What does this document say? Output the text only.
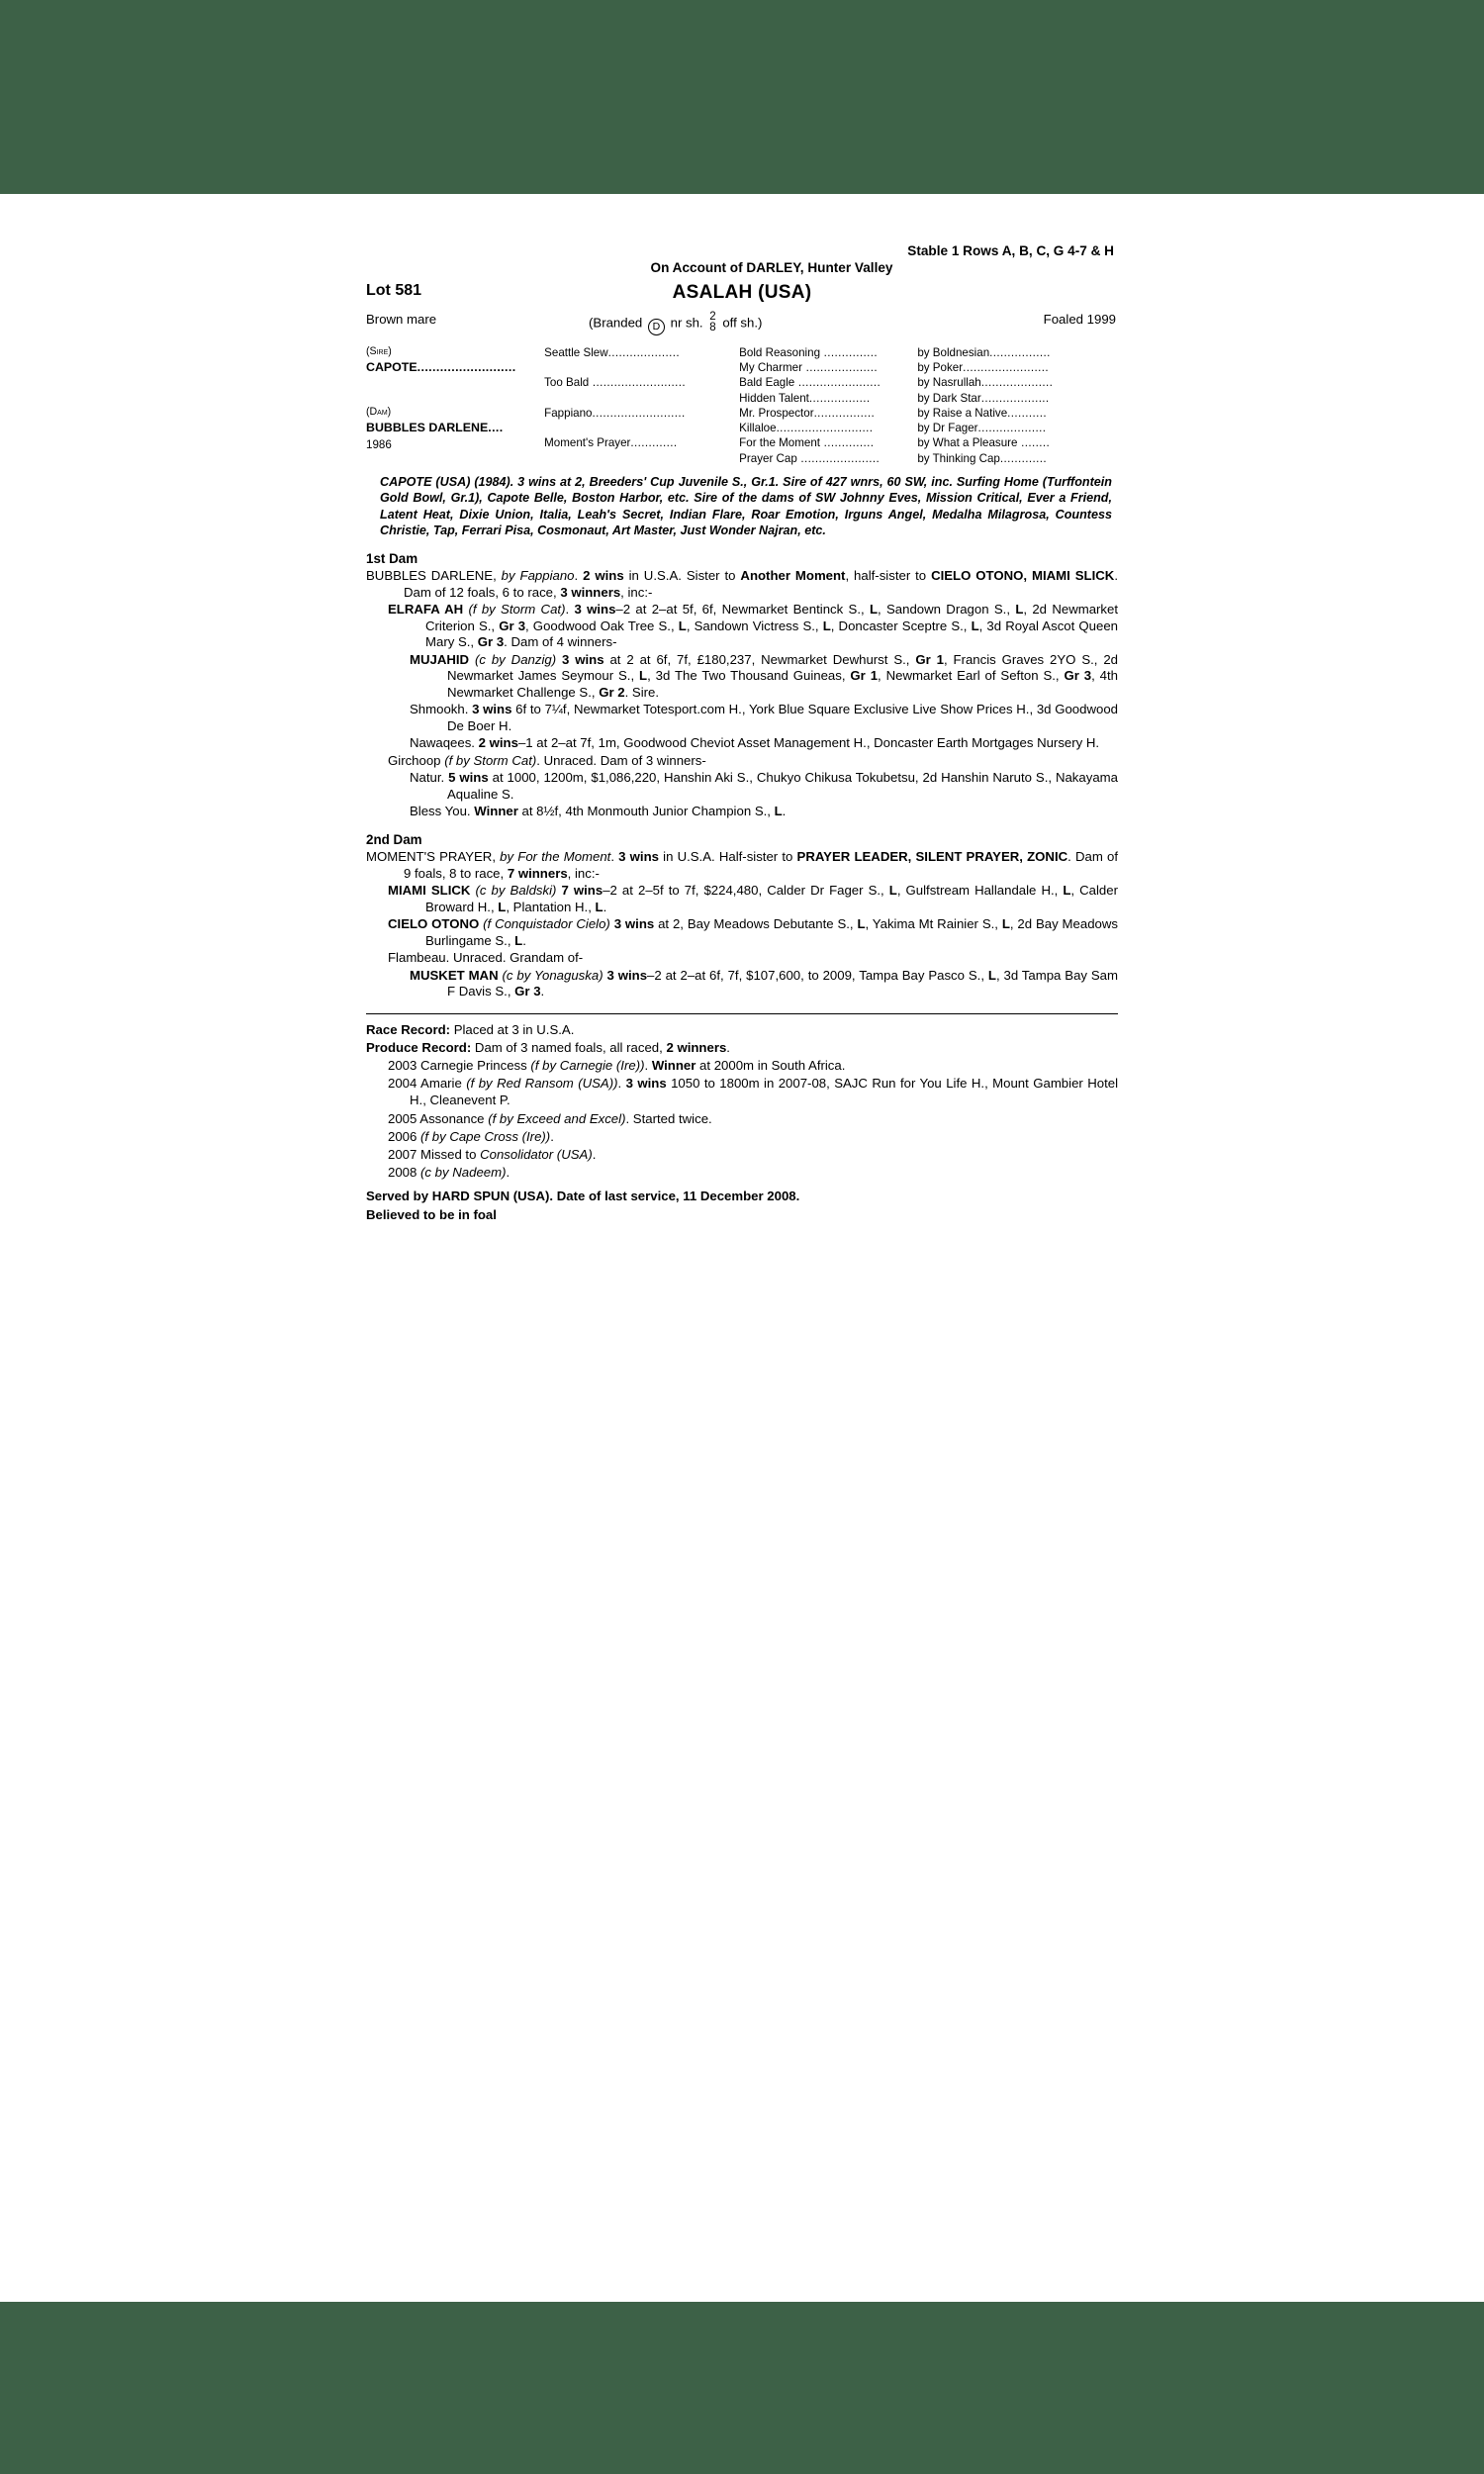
Stable 1 Rows A, B, C, G 4-7 & H
On Account of DARLEY, Hunter Valley
Lot 581	ASALAH (USA)
Brown mare	(Branded D nr sh. 2
8 off sh.)	Foaled 1999
(Sire)
CAPOTE..........................	Seattle Slew....................	Bold Reasoning ...............	by Boldnesian.................
		My Charmer ....................	by Poker........................
	Too Bald ..........................	Bald Eagle .......................	by Nasrullah....................
		Hidden Talent.................	by Dark Star...................

(Dam)
BUBBLES DARLENE....
1986	Fappiano..........................	Mr. Prospector.................	by Raise a Native...........
		Killaloe...........................	by Dr Fager...................
	Moment's Prayer.............	For the Moment ..............	by What a Pleasure ........
		Prayer Cap ......................	by Thinking Cap.............
CAPOTE (USA) (1984). 3 wins at 2, Breeders' Cup Juvenile S., Gr.1. Sire of 427 wnrs, 60 SW, inc. Surfing Home (Turffontein Gold Bowl, Gr.1), Capote Belle, Boston Harbor, etc. Sire of the dams of SW Johnny Eves, Mission Critical, Ever a Friend, Latent Heat, Dixie Union, Italia, Leah's Secret, Indian Flare, Roar Emotion, Irguns Angel, Medalha Milagrosa, Countess Christie, Tap, Ferrari Pisa, Cosmonaut, Art Master, Just Wonder Najran, etc.
1st Dam
BUBBLES DARLENE, by Fappiano. 2 wins in U.S.A. Sister to Another Moment, half-sister to CIELO OTONO, MIAMI SLICK. Dam of 12 foals, 6 to race, 3 winners, inc:-
ELRAFA AH (f by Storm Cat). 3 wins–2 at 2–at 5f, 6f, Newmarket Bentinck S., L, Sandown Dragon S., L, 2d Newmarket Criterion S., Gr 3, Goodwood Oak Tree S., L, Sandown Victress S., L, Doncaster Sceptre S., L, 3d Royal Ascot Queen Mary S., Gr 3. Dam of 4 winners-
MUJAHID (c by Danzig) 3 wins at 2 at 6f, 7f, £180,237, Newmarket Dewhurst S., Gr 1, Francis Graves 2YO S., 2d Newmarket James Seymour S., L, 3d The Two Thousand Guineas, Gr 1, Newmarket Earl of Sefton S., Gr 3, 4th Newmarket Challenge S., Gr 2. Sire.
Shmookh. 3 wins 6f to 7¼f, Newmarket Totesport.com H., York Blue Square Exclusive Live Show Prices H., 3d Goodwood De Boer H.
Nawaqees. 2 wins–1 at 2–at 7f, 1m, Goodwood Cheviot Asset Management H., Doncaster Earth Mortgages Nursery H.
Girchoop (f by Storm Cat). Unraced. Dam of 3 winners-
Natur. 5 wins at 1000, 1200m, $1,086,220, Hanshin Aki S., Chukyo Chikusa Tokubetsu, 2d Hanshin Naruto S., Nakayama Aqualine S.
Bless You. Winner at 8½f, 4th Monmouth Junior Champion S., L.
2nd Dam
MOMENT'S PRAYER, by For the Moment. 3 wins in U.S.A. Half-sister to PRAYER LEADER, SILENT PRAYER, ZONIC. Dam of 9 foals, 8 to race, 7 winners, inc:-
MIAMI SLICK (c by Baldski) 7 wins–2 at 2–5f to 7f, $224,480, Calder Dr Fager S., L, Gulfstream Hallandale H., L, Calder Broward H., L, Plantation H., L.
CIELO OTONO (f Conquistador Cielo) 3 wins at 2, Bay Meadows Debutante S., L, Yakima Mt Rainier S., L, 2d Bay Meadows Burlingame S., L.
Flambeau. Unraced. Grandam of-
MUSKET MAN (c by Yonaguska) 3 wins–2 at 2–at 6f, 7f, $107,600, to 2009, Tampa Bay Pasco S., L, 3d Tampa Bay Sam F Davis S., Gr 3.
Race Record: Placed at 3 in U.S.A.
Produce Record: Dam of 3 named foals, all raced, 2 winners.
2003 Carnegie Princess (f by Carnegie (Ire)). Winner at 2000m in South Africa.
2004 Amarie (f by Red Ransom (USA)). 3 wins 1050 to 1800m in 2007-08, SAJC Run for You Life H., Mount Gambier Hotel H., Cleanevent P.
2005 Assonance (f by Exceed and Excel). Started twice.
2006 (f by Cape Cross (Ire)).
2007 Missed to Consolidator (USA).
2008 (c by Nadeem).
Served by HARD SPUN (USA). Date of last service, 11 December 2008.
Believed to be in foal
